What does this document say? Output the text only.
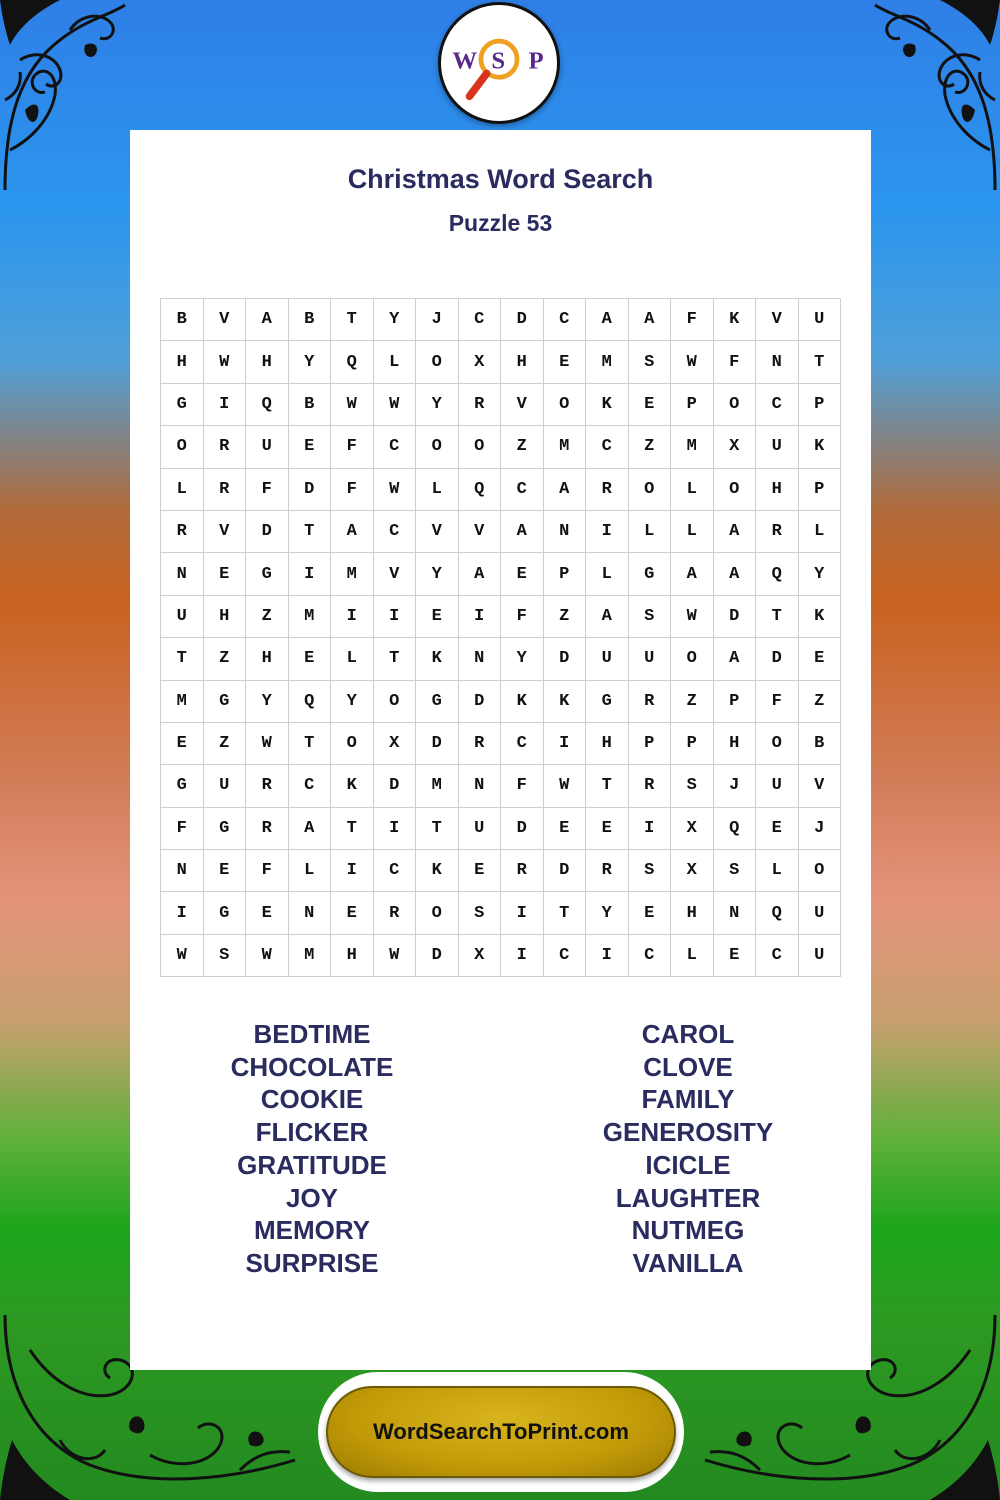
W S P
Christmas Word Search
Puzzle 53
B	V	A	B	T	Y	J	C	D	C	A	A	F	K	V	U
H	W	H	Y	Q	L	O	X	H	E	M	S	W	F	N	T
G	I	Q	B	W	W	Y	R	V	O	K	E	P	O	C	P
O	R	U	E	F	C	O	O	Z	M	C	Z	M	X	U	K
L	R	F	D	F	W	L	Q	C	A	R	O	L	O	H	P
R	V	D	T	A	C	V	V	A	N	I	L	L	A	R	L
N	E	G	I	M	V	Y	A	E	P	L	G	A	A	Q	Y
U	H	Z	M	I	I	E	I	F	Z	A	S	W	D	T	K
T	Z	H	E	L	T	K	N	Y	D	U	U	O	A	D	E
M	G	Y	Q	Y	O	G	D	K	K	G	R	Z	P	F	Z
E	Z	W	T	O	X	D	R	C	I	H	P	P	H	O	B
G	U	R	C	K	D	M	N	F	W	T	R	S	J	U	V
F	G	R	A	T	I	T	U	D	E	E	I	X	Q	E	J
N	E	F	L	I	C	K	E	R	D	R	S	X	S	L	O
I	G	E	N	E	R	O	S	I	T	Y	E	H	N	Q	U
W	S	W	M	H	W	D	X	I	C	I	C	L	E	C	U
BEDTIME
CHOCOLATE
COOKIE
FLICKER
GRATITUDE
JOY
MEMORY
SURPRISE
CAROL
CLOVE
FAMILY
GENEROSITY
ICICLE
LAUGHTER
NUTMEG
VANILLA
WordSearchToPrint.com
